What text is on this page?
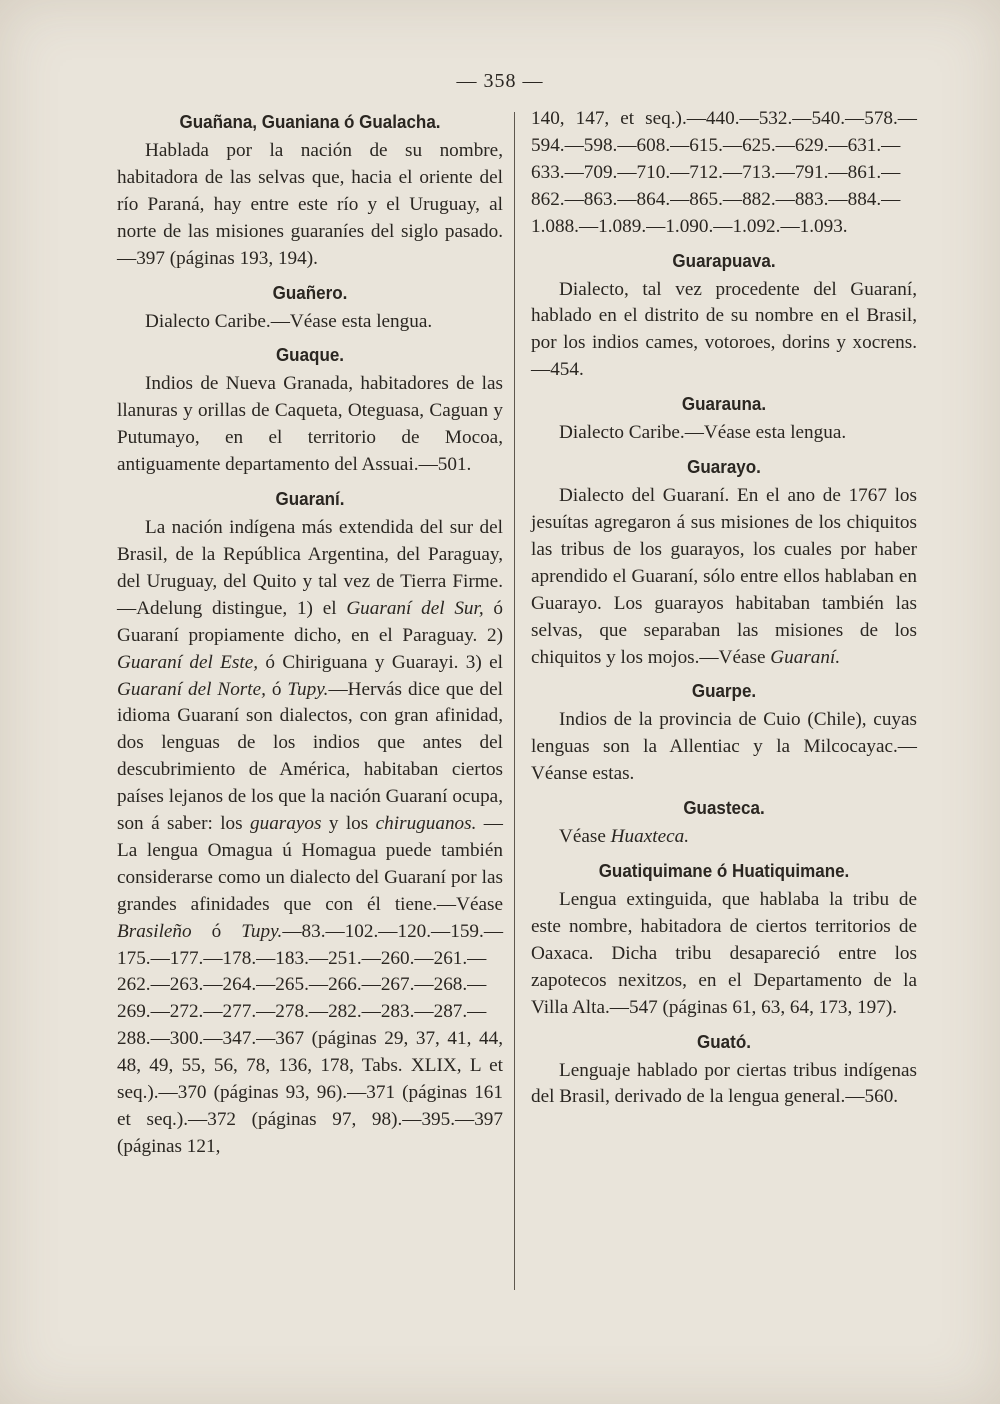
— 358 —
Guañana, Guaniana ó Gualacha.

Hablada por la nación de su nombre, habitadora de las selvas que, hacia el oriente del río Paraná, hay entre este río y el Uruguay, al norte de las misiones guaraníes del siglo pasado.—397 (páginas 193, 194).

Guañero.

Dialecto Caribe.—Véase esta lengua.

Guaque.

Indios de Nueva Granada, habitadores de las llanuras y orillas de Caqueta, Oteguasa, Caguan y Putumayo, en el territorio de Mocoa, antiguamente departamento del Assuai.—501.

Guaraní.

La nación indígena más extendida del sur del Brasil, de la República Argentina, del Paraguay, del Uruguay, del Quito y tal vez de Tierra Firme.—Adelung distingue, 1) el Guaraní del Sur, ó Guaraní propiamente dicho, en el Paraguay. 2) Guaraní del Este, ó Chiriguana y Guarayi. 3) el Guaraní del Norte, ó Tupy.—Hervás dice que del idioma Guaraní son dialectos, con gran afinidad, dos lenguas de los indios que antes del descubrimiento de América, habitaban ciertos países lejanos de los que la nación Guaraní ocupa, son á saber: los guarayos y los chiruguanos. — La lengua Omagua ú Homagua puede también considerarse como un dialecto del Guaraní por las grandes afinidades que con él tiene.—Véase Brasileño ó Tupy.—83.—102.—120.—159.—175.—177.—178.—183.—251.—260.—261.—262.—263.—264.—265.—266.—267.—268.—269.—272.—277.—278.—282.—283.—287.—288.—300.—347.—367 (páginas 29, 37, 41, 44, 48, 49, 55, 56, 78, 136, 178, Tabs. XLIX, L et seq.).—370 (páginas 93, 96).—371 (páginas 161 et seq.).—372 (páginas 97, 98).—395.—397 (páginas 121,

140, 147, et seq.).—440.—532.—540.—578.—594.—598.—608.—615.—625.—629.—631.—633.—709.—710.—712.—713.—791.—861.—862.—863.—864.—865.—882.—883.—884.—1.088.—1.089.—1.090.—1.092.—1.093.

Guarapuava.

Dialecto, tal vez procedente del Guaraní, hablado en el distrito de su nombre en el Brasil, por los indios cames, votoroes, dorins y xocrens.—454.

Guarauna.

Dialecto Caribe.—Véase esta lengua.

Guarayo.

Dialecto del Guaraní. En el ano de 1767 los jesuítas agregaron á sus misiones de los chiquitos las tribus de los guarayos, los cuales por haber aprendido el Guaraní, sólo entre ellos hablaban en Guarayo. Los guarayos habitaban también las selvas, que separaban las misiones de los chiquitos y los mojos.—Véase Guaraní.

Guarpe.

Indios de la provincia de Cuio (Chile), cuyas lenguas son la Allentiac y la Milcocayac.—Véanse estas.

Guasteca.

Véase Huaxteca.

Guatiquimane ó Huatiquimane.

Lengua extinguida, que hablaba la tribu de este nombre, habitadora de ciertos territorios de Oaxaca. Dicha tribu desapareció entre los zapotecos nexitzos, en el Departamento de la Villa Alta.—547 (páginas 61, 63, 64, 173, 197).

Guató.

Lenguaje hablado por ciertas tribus indígenas del Brasil, derivado de la lengua general.—560.
